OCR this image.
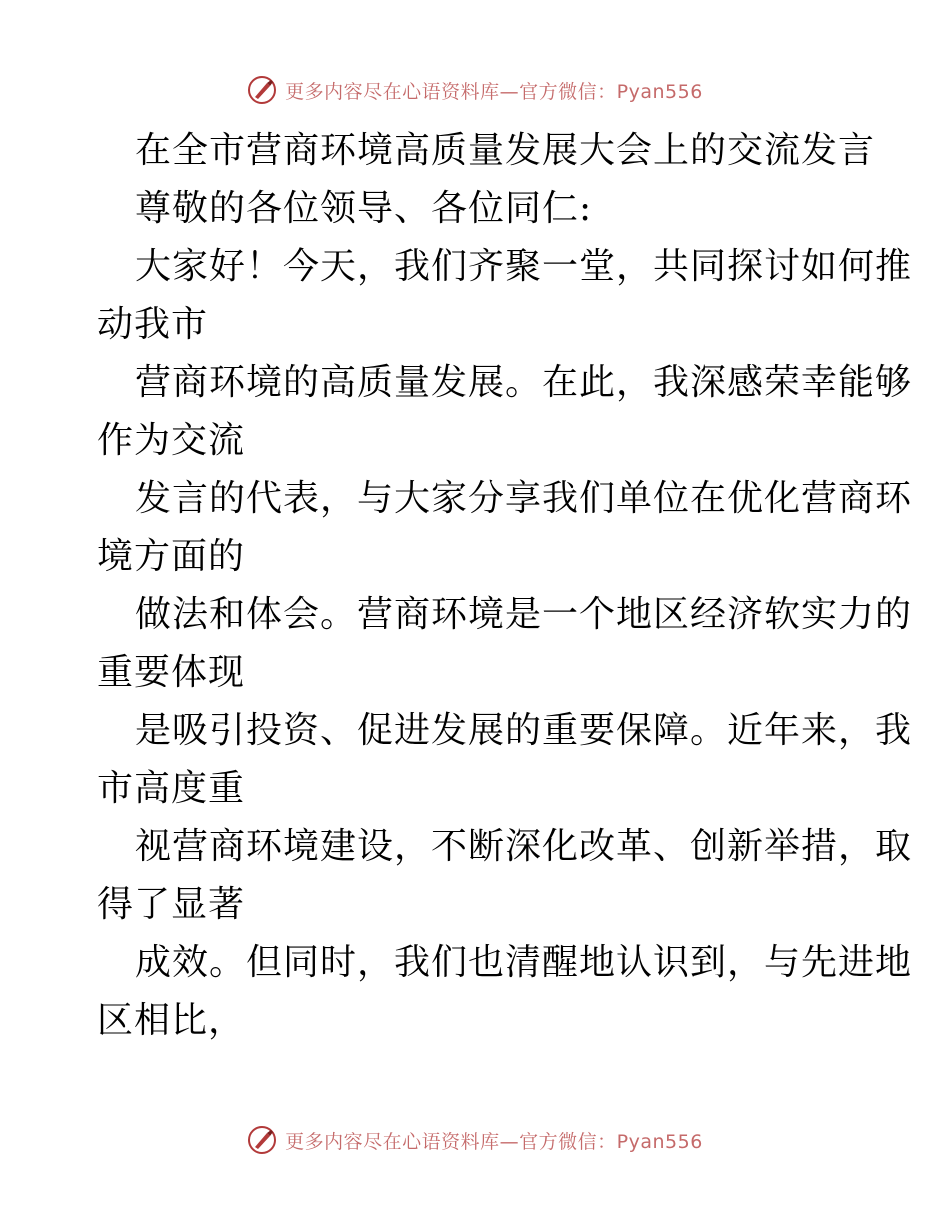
更多内容尽在心语资料库—官方微信：Pyan556
在全市营商环境高质量发展大会上的交流发言
尊敬的各位领导、各位同仁:
大家好！今天，我们齐聚一堂，共同探讨如何推
动我市
营商环境的高质量发展。在此，我深感荣幸能够
作为交流
发言的代表，与大家分享我们单位在优化营商环
境方面的
做法和体会。营商环境是一个地区经济软实力的
重要体现
是吸引投资、促进发展的重要保障。近年来，我
市高度重
视营商环境建设，不断深化改革、创新举措，取
得了显著
成效。但同时，我们也清醒地认识到，与先进地
区相比，
更多内容尽在心语资料库—官方微信：Pyan556
